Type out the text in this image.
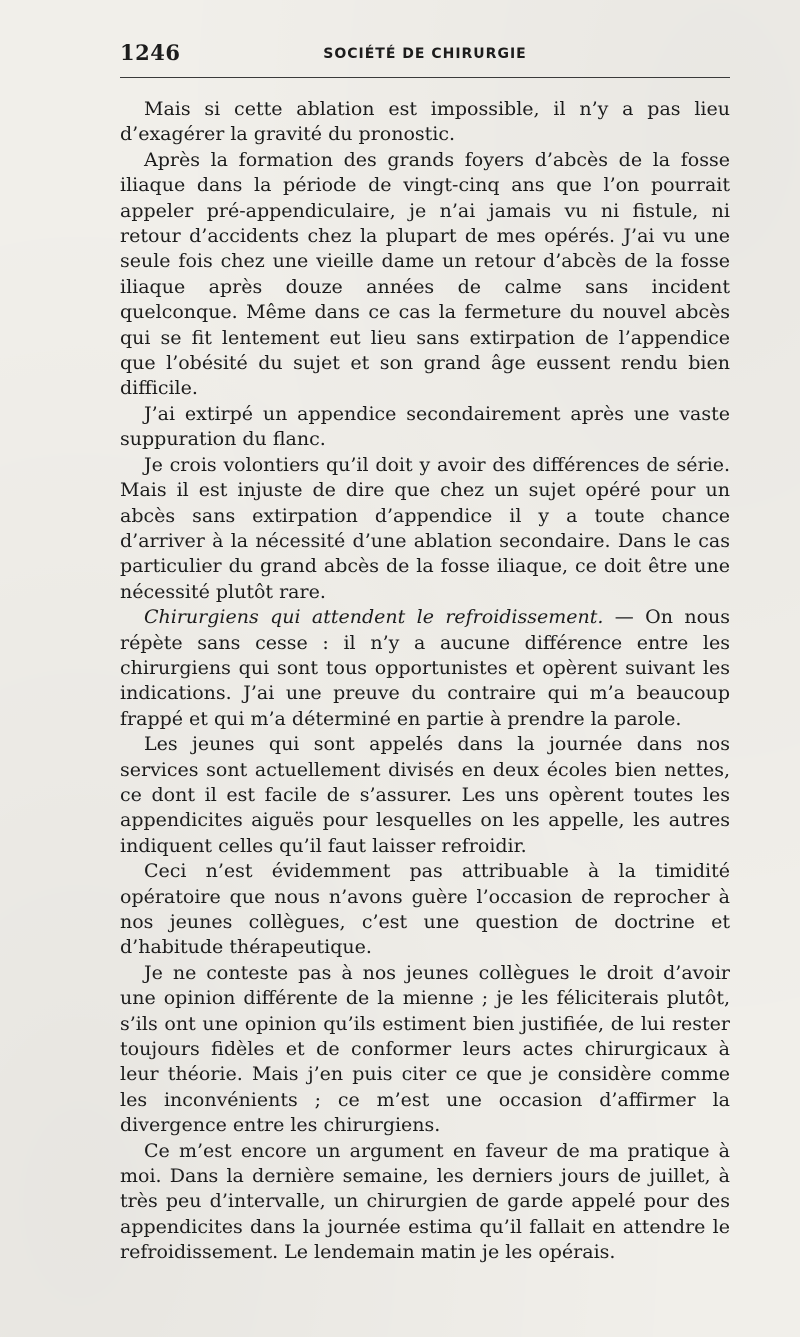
1246	SOCIÉTÉ DE CHIRURGIE

Mais si cette ablation est impossible, il n’y a pas lieu d’exagérer la gravité du pronostic.

Après la formation des grands foyers d’abcès de la fosse iliaque dans la période de vingt-cinq ans que l’on pourrait appeler pré-appendiculaire, je n’ai jamais vu ni fistule, ni retour d’accidents chez la plupart de mes opérés. J’ai vu une seule fois chez une vieille dame un retour d’abcès de la fosse iliaque après douze années de calme sans incident quelconque. Même dans ce cas la fermeture du nouvel abcès qui se fit lentement eut lieu sans extirpation de l’appendice que l’obésité du sujet et son grand âge eussent rendu bien difficile.

J’ai extirpé un appendice secondairement après une vaste suppuration du flanc.

Je crois volontiers qu’il doit y avoir des différences de série. Mais il est injuste de dire que chez un sujet opéré pour un abcès sans extirpation d’appendice il y a toute chance d’arriver à la nécessité d’une ablation secondaire. Dans le cas particulier du grand abcès de la fosse iliaque, ce doit être une nécessité plutôt rare.

Chirurgiens qui attendent le refroidissement. — On nous répète sans cesse : il n’y a aucune différence entre les chirurgiens qui sont tous opportunistes et opèrent suivant les indications. J’ai une preuve du contraire qui m’a beaucoup frappé et qui m’a déterminé en partie à prendre la parole.

Les jeunes qui sont appelés dans la journée dans nos services sont actuellement divisés en deux écoles bien nettes, ce dont il est facile de s’assurer. Les uns opèrent toutes les appendicites aiguës pour lesquelles on les appelle, les autres indiquent celles qu’il faut laisser refroidir.

Ceci n’est évidemment pas attribuable à la timidité opératoire que nous n’avons guère l’occasion de reprocher à nos jeunes collègues, c’est une question de doctrine et d’habitude thérapeutique.

Je ne conteste pas à nos jeunes collègues le droit d’avoir une opinion différente de la mienne ; je les féliciterais plutôt, s’ils ont une opinion qu’ils estiment bien justifiée, de lui rester toujours fidèles et de conformer leurs actes chirurgicaux à leur théorie. Mais j’en puis citer ce que je considère comme les inconvénients ; ce m’est une occasion d’affirmer la divergence entre les chirurgiens.

Ce m’est encore un argument en faveur de ma pratique à moi. Dans la dernière semaine, les derniers jours de juillet, à très peu d’intervalle, un chirurgien de garde appelé pour des appendicites dans la journée estima qu’il fallait en attendre le refroidissement. Le lendemain matin je les opérais.
